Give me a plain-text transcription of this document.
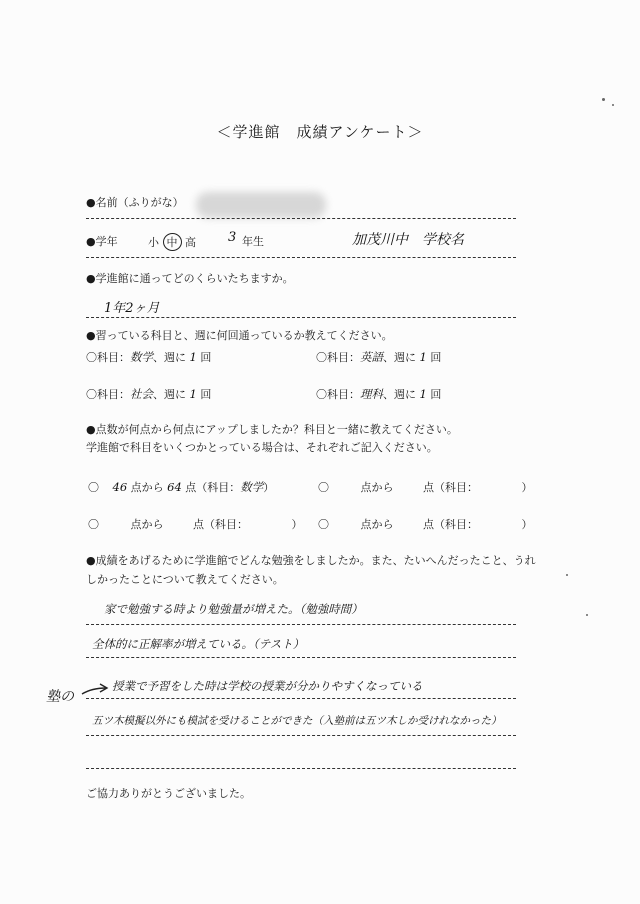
＜学進館　成績アンケート＞
●名前（ふりがな）
●学年	小 中 高 3 年生	加茂川中　学校名
●学進館に通ってどのくらいたちますか。
1年2ヶ月
●習っている科目と、週に何回通っているか教えてください。
〇科目：数学、週に 1 回	〇科目：英語、週に 1 回
〇科目：社会、週に 1 回	〇科目：理科、週に 1 回
●点数が何点から何点にアップしましたか？科目と一緒に教えてください。
学進館で科目をいくつかとっている場合は、それぞれご記入ください。
〇 46 点から 64 点（科目：数学）	〇	点から	点（科目：	）
〇	点から	点（科目：	） 〇	点から	点（科目：	）
●成績をあげるために学進館でどんな勉強をしましたか。また、たいへんだったこと、うれ
しかったことについて教えてください。
家で勉強する時より勉強量が増えた。（勉強時間）
全体的に正解率が増えている。（テスト）
塾の
授業で予習をした時は学校の授業が分かりやすくなっている
五ツ木模擬以外にも模試を受けることができた（入塾前は五ツ木しか受けれなかった）
ご協力ありがとうございました。
